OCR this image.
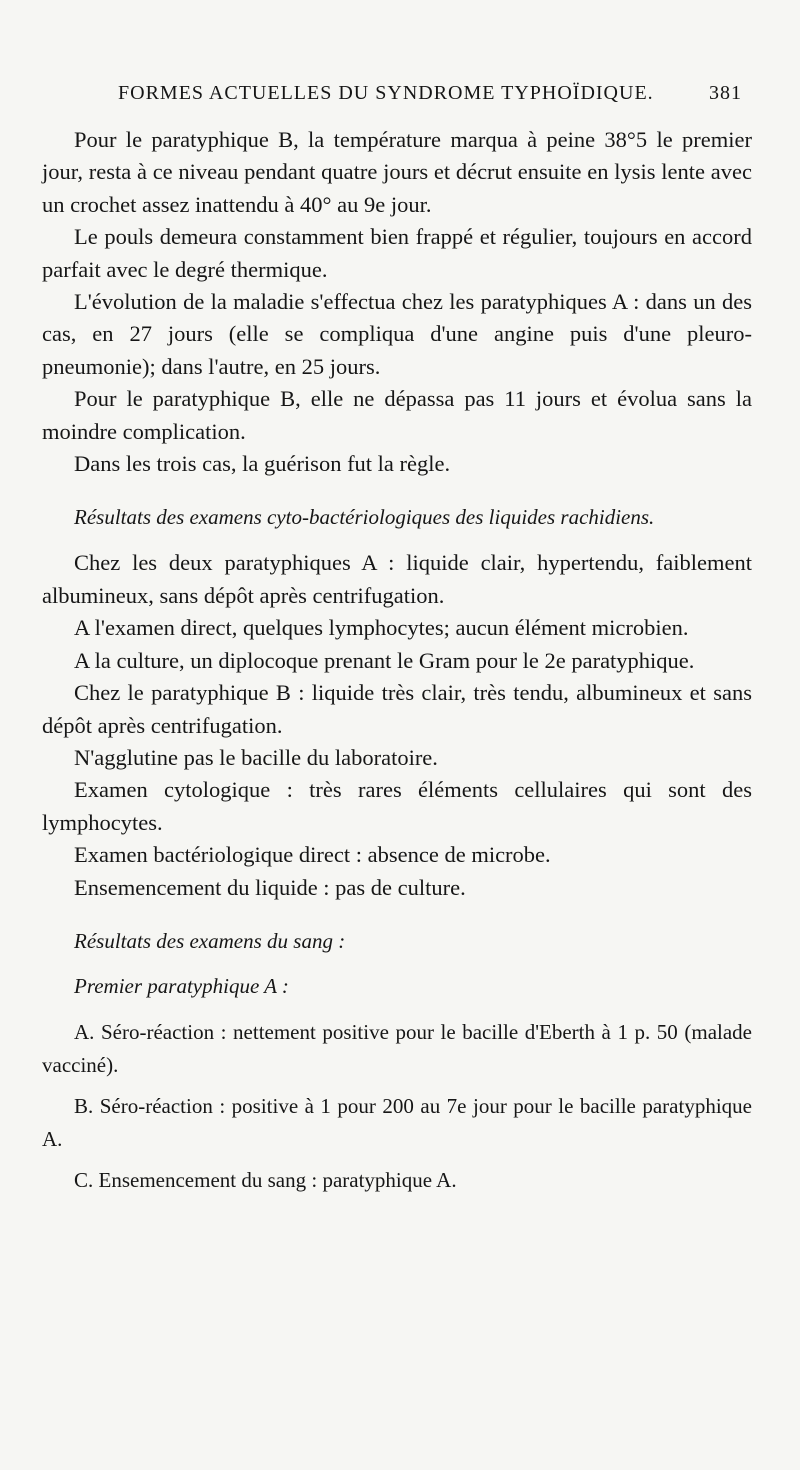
FORMES ACTUELLES DU SYNDROME TYPHOÏDIQUE.	381

Pour le paratyphique B, la température marqua à peine 38°5 le premier jour, resta à ce niveau pendant quatre jours et décrut ensuite en lysis lente avec un crochet assez inattendu à 40° au 9e jour.

Le pouls demeura constamment bien frappé et régulier, toujours en accord parfait avec le degré thermique.

L'évolution de la maladie s'effectua chez les paratyphiques A : dans un des cas, en 27 jours (elle se compliqua d'une angine puis d'une pleuro-pneumonie); dans l'autre, en 25 jours.

Pour le paratyphique B, elle ne dépassa pas 11 jours et évolua sans la moindre complication.

Dans les trois cas, la guérison fut la règle.

Résultats des examens cyto-bactériologiques des liquides rachidiens.

Chez les deux paratyphiques A : liquide clair, hypertendu, faiblement albumineux, sans dépôt après centrifugation.

A l'examen direct, quelques lymphocytes; aucun élément microbien.

A la culture, un diplocoque prenant le Gram pour le 2e paratyphique.

Chez le paratyphique B : liquide très clair, très tendu, albumineux et sans dépôt après centrifugation.

N'agglutine pas le bacille du laboratoire.

Examen cytologique : très rares éléments cellulaires qui sont des lymphocytes.

Examen bactériologique direct : absence de microbe.

Ensemencement du liquide : pas de culture.

Résultats des examens du sang :

Premier paratyphique A :

A. Séro-réaction : nettement positive pour le bacille d'Eberth à 1 p. 50 (malade vacciné).

B. Séro-réaction : positive à 1 pour 200 au 7e jour pour le bacille paratyphique A.

C. Ensemencement du sang : paratyphique A.
